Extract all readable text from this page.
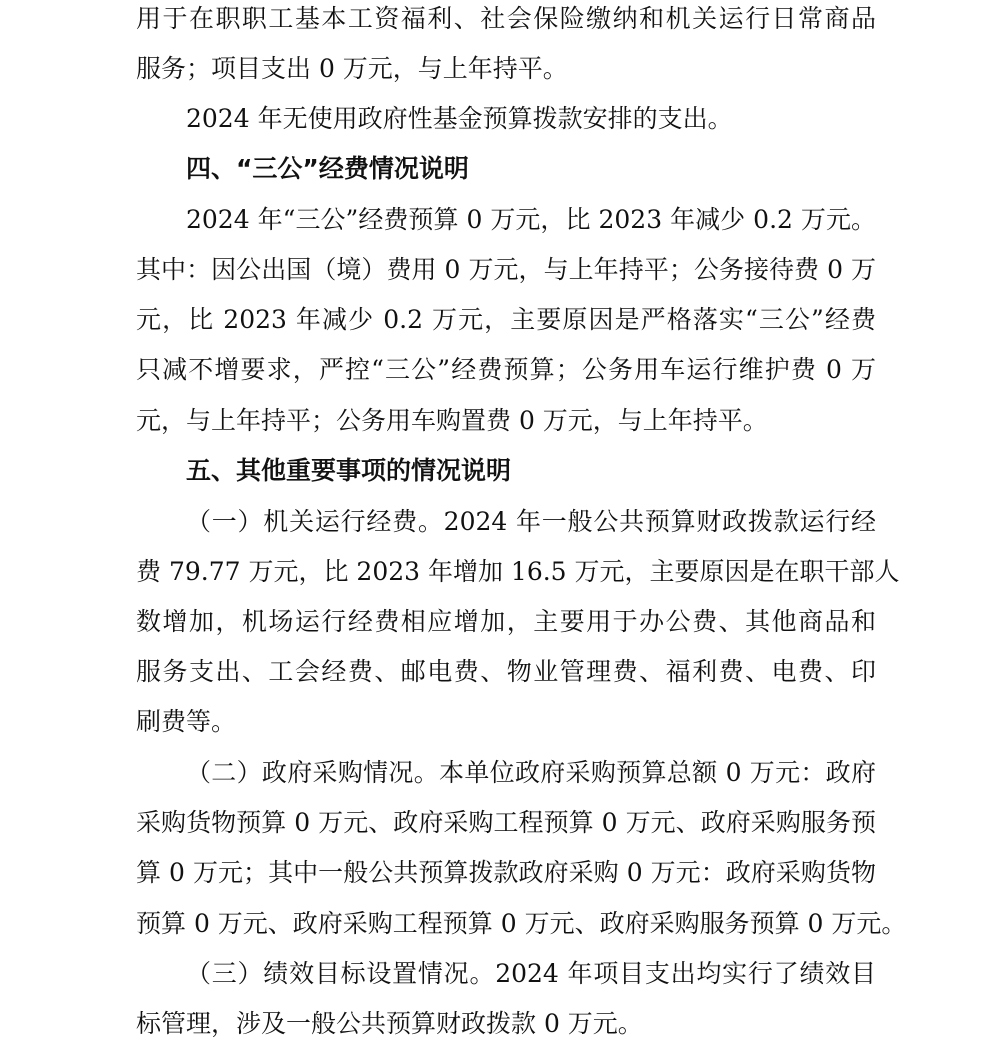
用于在职职工基本工资福利、社会保险缴纳和机关运行日常商品
服务；项目支出 0 万元，与上年持平。
2024 年无使用政府性基金预算拨款安排的支出。
四、“三公”经费情况说明
2024 年“三公”经费预算 0 万元，比 2023 年减少 0.2 万元。
其中：因公出国（境）费用 0 万元，与上年持平；公务接待费 0 万
元，比 2023 年减少 0.2 万元，主要原因是严格落实“三公”经费
只减不增要求，严控“三公”经费预算；公务用车运行维护费 0 万
元，与上年持平；公务用车购置费 0 万元，与上年持平。
五、其他重要事项的情况说明
（一）机关运行经费。2024 年一般公共预算财政拨款运行经
费 79.77 万元，比 2023 年增加 16.5 万元，主要原因是在职干部人
数增加，机场运行经费相应增加，主要用于办公费、其他商品和
服务支出、工会经费、邮电费、物业管理费、福利费、电费、印
刷费等。
（二）政府采购情况。本单位政府采购预算总额 0 万元：政府
采购货物预算 0 万元、政府采购工程预算 0 万元、政府采购服务预
算 0 万元；其中一般公共预算拨款政府采购 0 万元：政府采购货物
预算 0 万元、政府采购工程预算 0 万元、政府采购服务预算 0 万元。
（三）绩效目标设置情况。2024 年项目支出均实行了绩效目
标管理，涉及一般公共预算财政拨款 0 万元。
